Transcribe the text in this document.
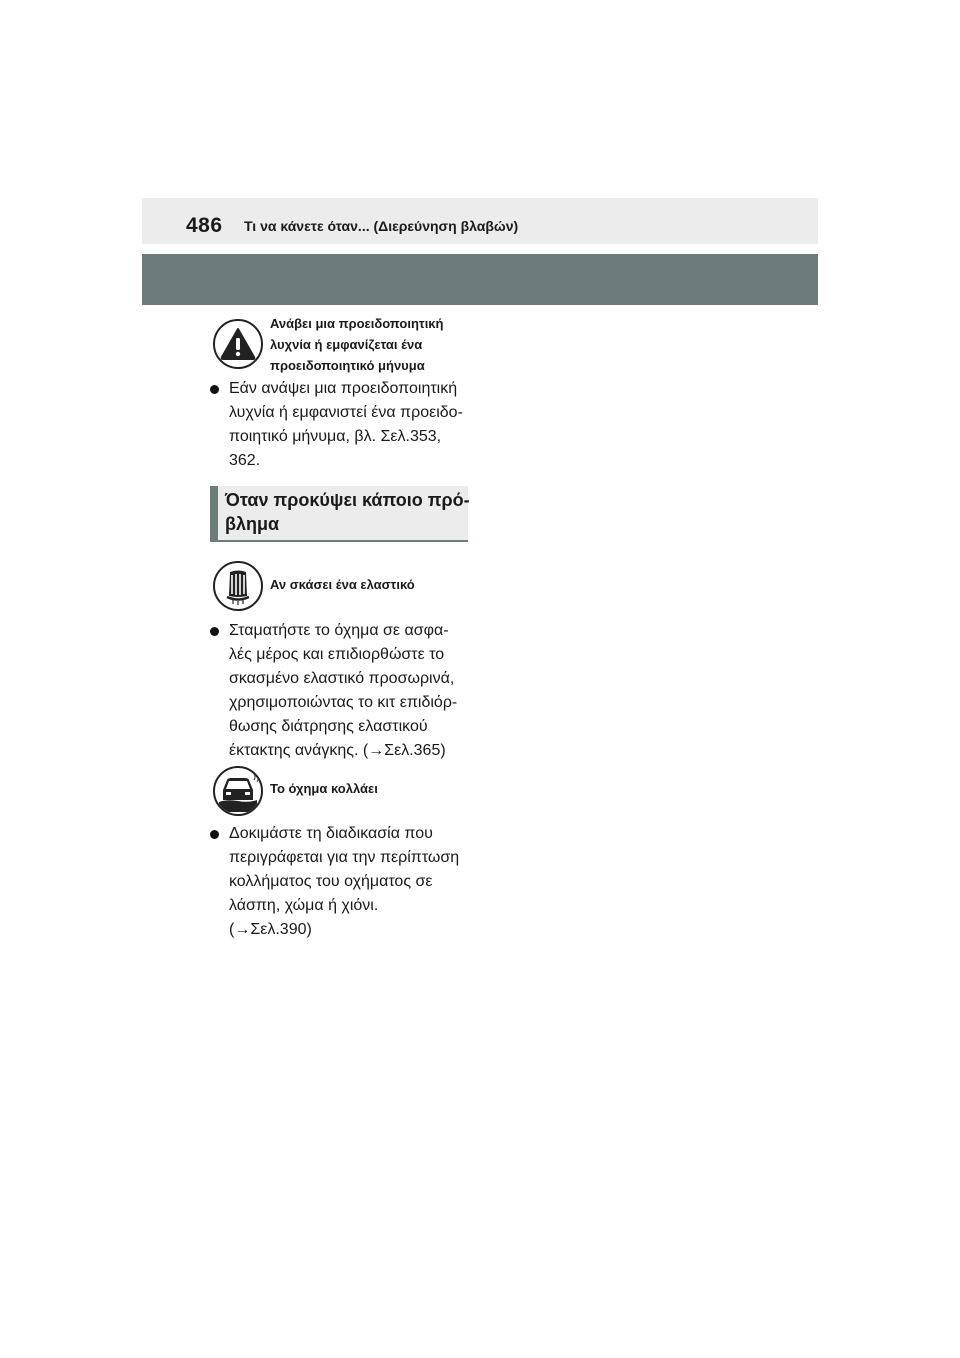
486 Τι να κάνετε όταν... (Διερεύνηση βλαβών)
Ανάβει μια προειδοποιητική
λυχνία ή εμφανίζεται ένα
προειδοποιητικό μήνυμα
Εάν ανάψει μια προειδοποιητική
λυχνία ή εμφανιστεί ένα προειδο-
ποιητικό μήνυμα, βλ. Σελ.353,
362.
Όταν προκύψει κάποιο πρό-
βλημα
Αν σκάσει ένα ελαστικό
Σταματήστε το όχημα σε ασφα-
λές μέρος και επιδιορθώστε το
σκασμένο ελαστικό προσωρινά,
χρησιμοποιώντας το κιτ επιδιόρ-
θωσης διάτρησης ελαστικού
έκτακτης ανάγκης. (→Σελ.365)
Το όχημα κολλάει
Δοκιμάστε τη διαδικασία που
περιγράφεται για την περίπτωση
κολλήματος του οχήματος σε
λάσπη, χώμα ή χιόνι.
(→Σελ.390)
